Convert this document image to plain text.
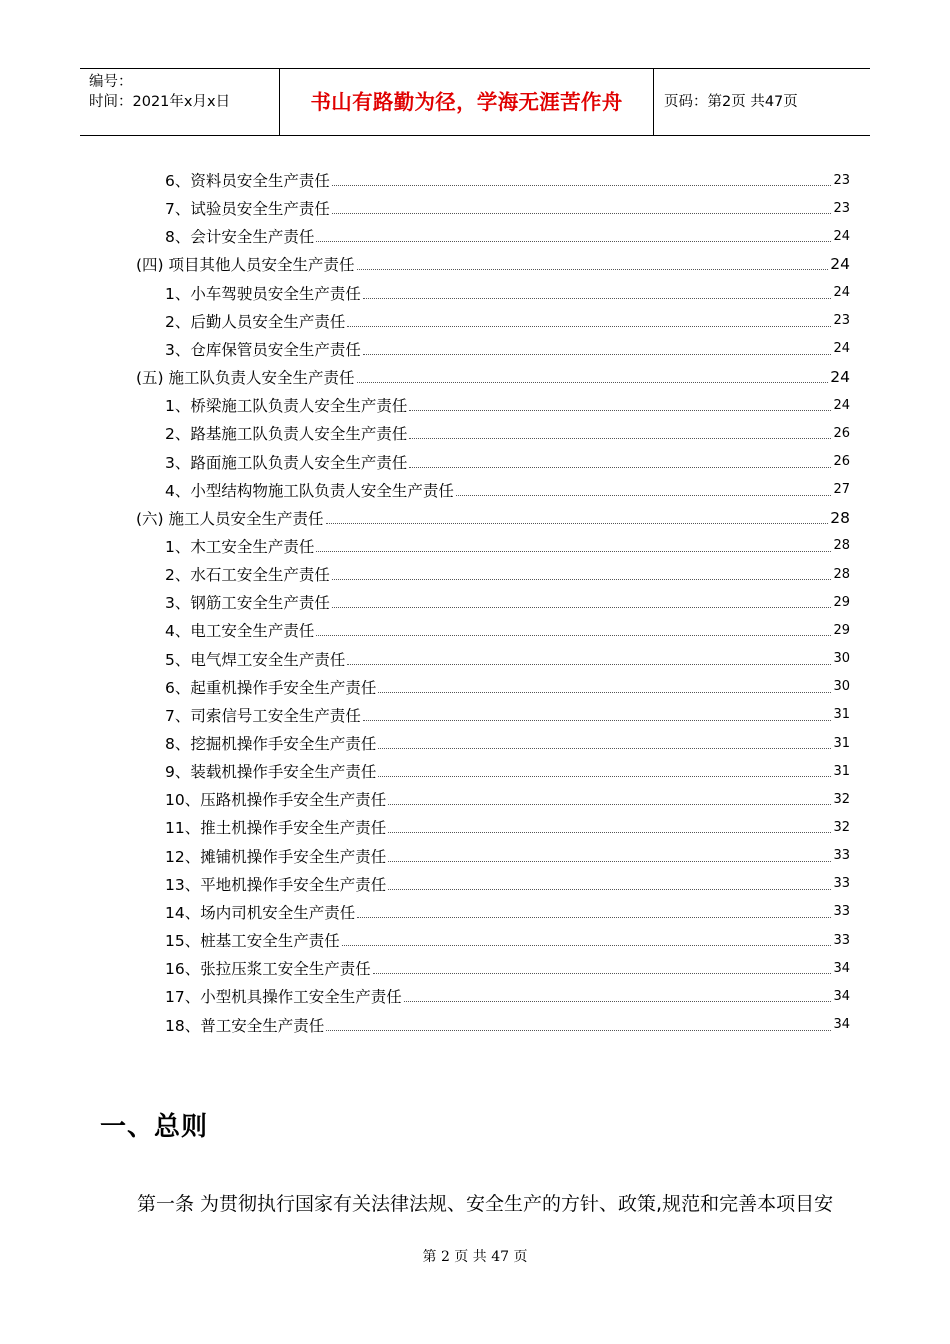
编号：
时间：2021年x月x日	书山有路勤为径，学海无涯苦作舟	页码：第2页 共47页
6、资料员安全生产责任	23
7、试验员安全生产责任	23
8、会计安全生产责任	24
(四) 项目其他人员安全生产责任	24
1、小车驾驶员安全生产责任	24
2、后勤人员安全生产责任	23
3、仓库保管员安全生产责任	24
(五) 施工队负责人安全生产责任	24
1、桥梁施工队负责人安全生产责任	24
2、路基施工队负责人安全生产责任	26
3、路面施工队负责人安全生产责任	26
4、小型结构物施工队负责人安全生产责任	27
(六) 施工人员安全生产责任	28
1、木工安全生产责任	28
2、水石工安全生产责任	28
3、钢筋工安全生产责任	29
4、电工安全生产责任	29
5、电气焊工安全生产责任	30
6、起重机操作手安全生产责任	30
7、司索信号工安全生产责任	31
8、挖掘机操作手安全生产责任	31
9、装载机操作手安全生产责任	31
10、压路机操作手安全生产责任	32
11、推土机操作手安全生产责任	32
12、摊铺机操作手安全生产责任	33
13、平地机操作手安全生产责任	33
14、场内司机安全生产责任	33
15、桩基工安全生产责任	33
16、张拉压浆工安全生产责任	34
17、小型机具操作工安全生产责任	34
18、普工安全生产责任	34
一、总则
第一条 为贯彻执行国家有关法律法规、安全生产的方针、政策,规范和完善本项目安
第 2 页 共 47 页
